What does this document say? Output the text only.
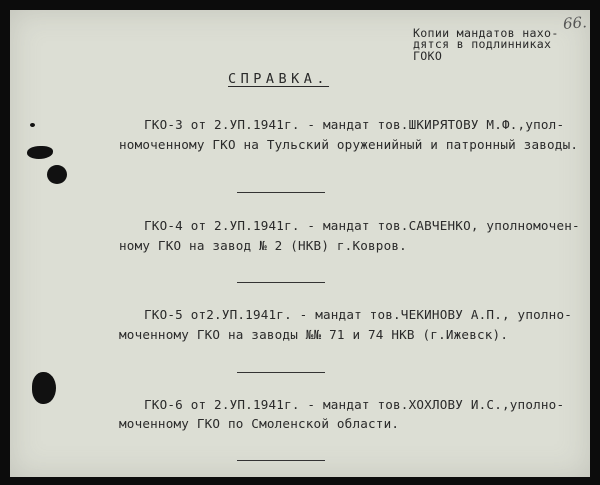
66.
Копии мандатов нахо-
дятся в подлинниках
ГОКО
СПРАВКА.
ГКО-3 от 2.УП.1941г. - мандат тов.ШКИРЯТОВУ М.Ф.,упол-
номоченному ГКО на Тульский оруженийный и патронный заводы.
ГКО-4 от 2.УП.1941г. - мандат тов.САВЧЕНКО, уполномочен-
ному ГКО на завод № 2 (НКВ) г.Ковров.
ГКО-5 от2.УП.1941г. - мандат тов.ЧЕКИНОВУ А.П., уполно-
моченному ГКО на заводы №№ 71 и 74 НКВ (г.Ижевск).
ГКО-6 от 2.УП.1941г. - мандат тов.ХОХЛОВУ И.С.,уполно-
моченному ГКО по Смоленской области.
